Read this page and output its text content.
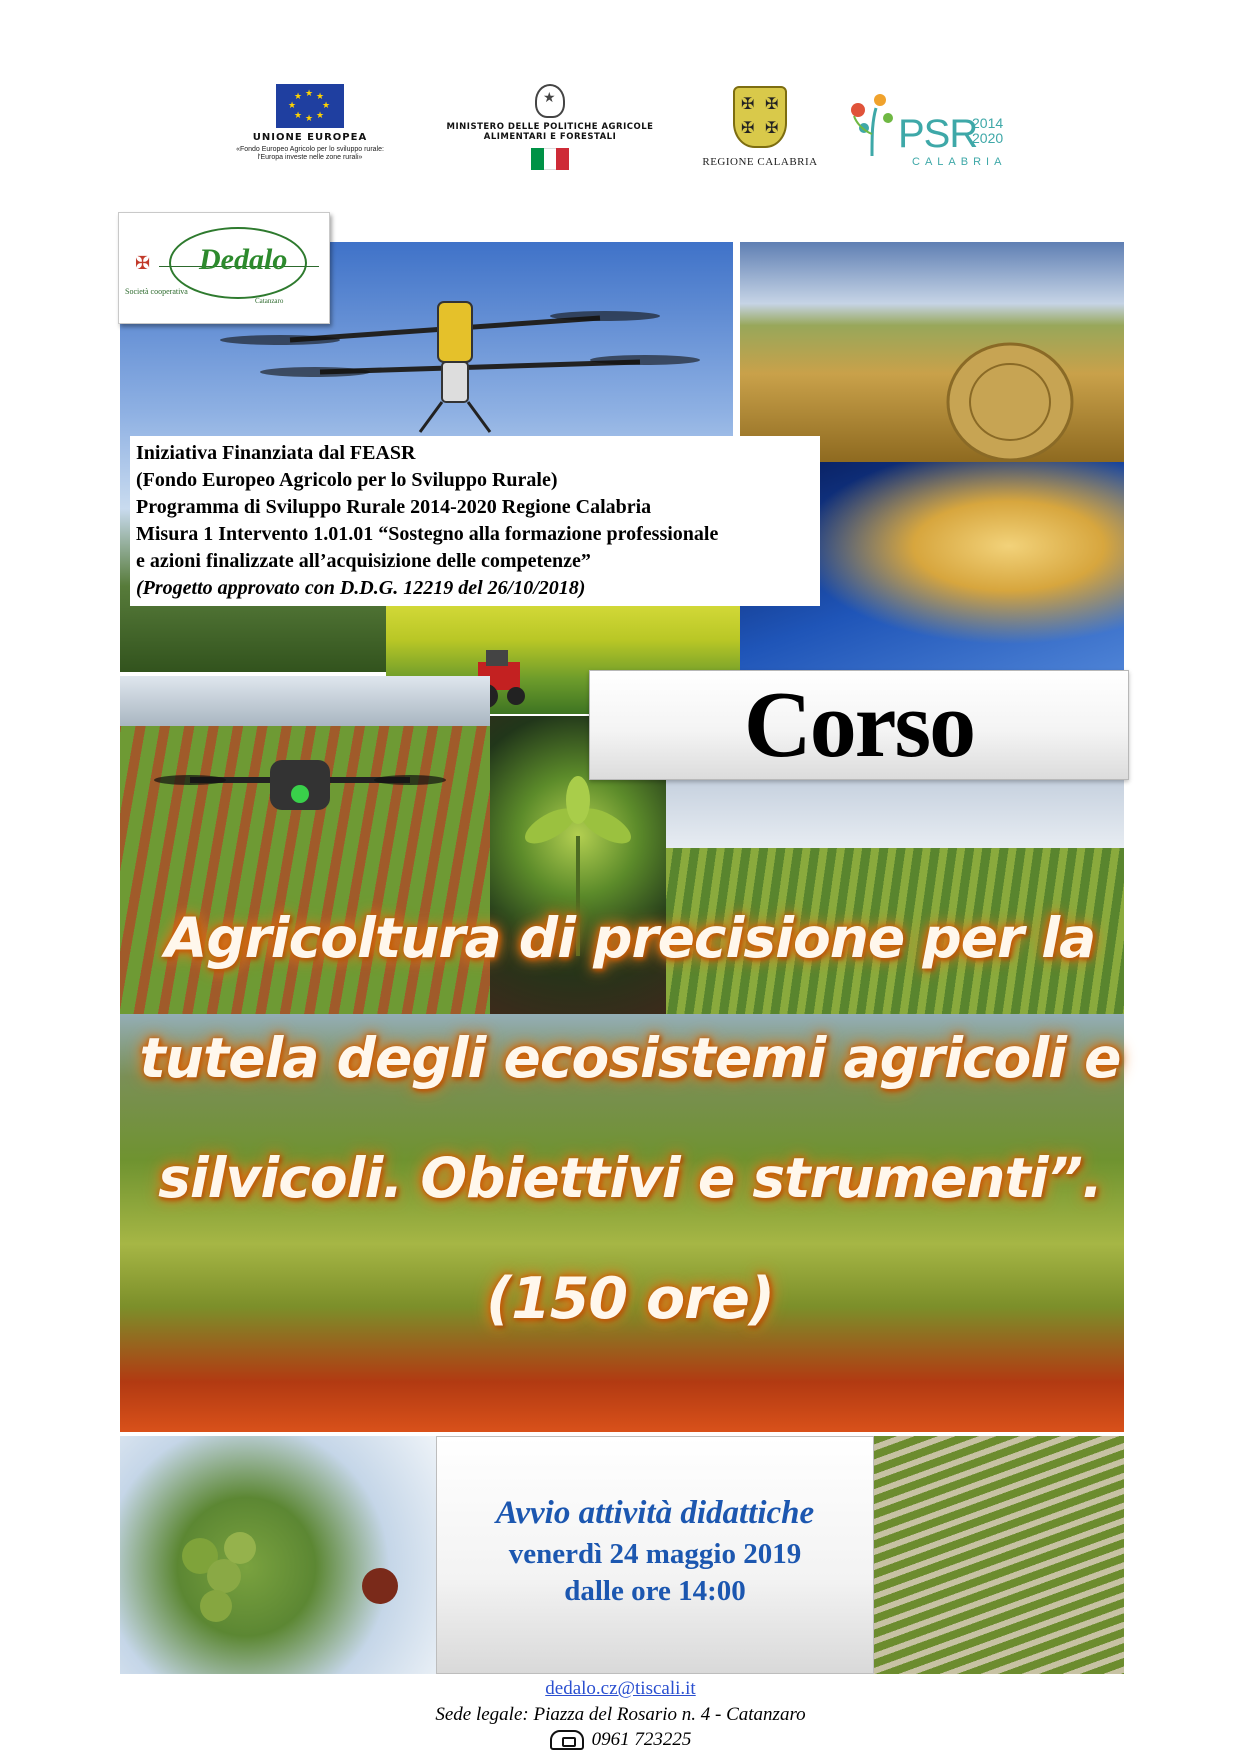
★ ★
★
★
★
★
★
★
UNIONE EUROPEA
«Fondo Europeo Agricolo per lo sviluppo rurale:
l'Europa investe nelle zone rurali»
★
MINISTERO DELLE POLITICHE AGRICOLE
ALIMENTARI E FORESTALI
✠ ✠
✠ ✠
REGIONE CALABRIA
PSR
2014
2020
CALABRIA
✠ Dedalo
Società cooperativa
Catanzaro

Iniziativa Finanziata dal FEASR

(Fondo Europeo Agricolo per lo Sviluppo Rurale)

Programma di Sviluppo Rurale 2014-2020 Regione Calabria

Misura 1 Intervento 1.01.01 “Sostegno alla formazione professionale

e azioni finalizzate all’acquisizione delle competenze”

(Progetto approvato con D.D.G. 12219 del 26/10/2018)

Corso
Agricoltura di precisione per la
tutela degli ecosistemi agricoli e
silvicoli. Obiettivi e strumenti”.
(150 ore)
Avvio attività didattiche
venerdì 24 maggio 2019
dalle ore 14:00
dedalo.cz@tiscali.it
Sede legale: Piazza del Rosario n. 4 - Catanzaro
0961 723225
